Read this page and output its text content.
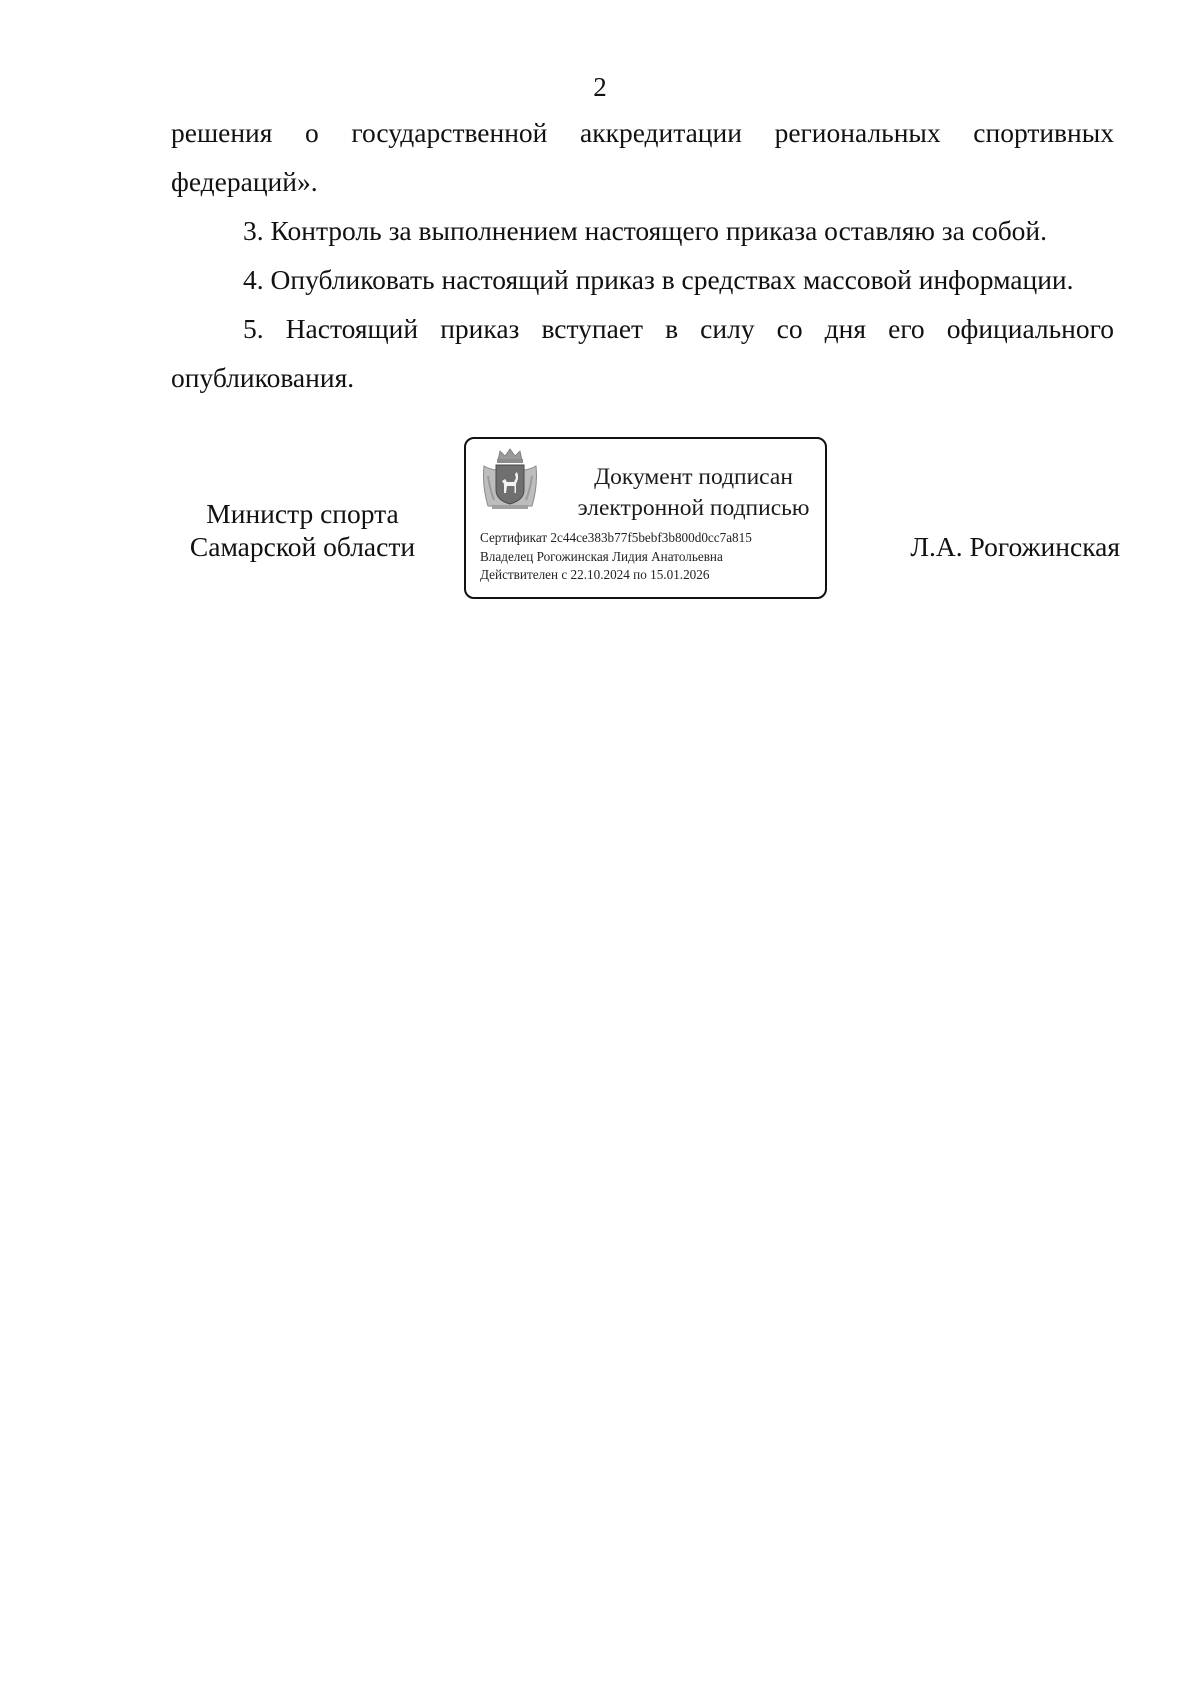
2

решения о государственной аккредитации региональных спортивных федераций».

3. Контроль за выполнением настоящего приказа оставляю за собой.

4. Опубликовать настоящий приказ в средствах массовой информации.

5. Настоящий приказ вступает в силу со дня его официального опубликования.

Министр спорта
Самарской области
Документ подписан
электронной подписью
Сертификат 2c44ce383b77f5bebf3b800d0cc7a815
Владелец Рогожинская Лидия Анатольевна
Действителен с 22.10.2024 по 15.01.2026
Л.А. Рогожинская
